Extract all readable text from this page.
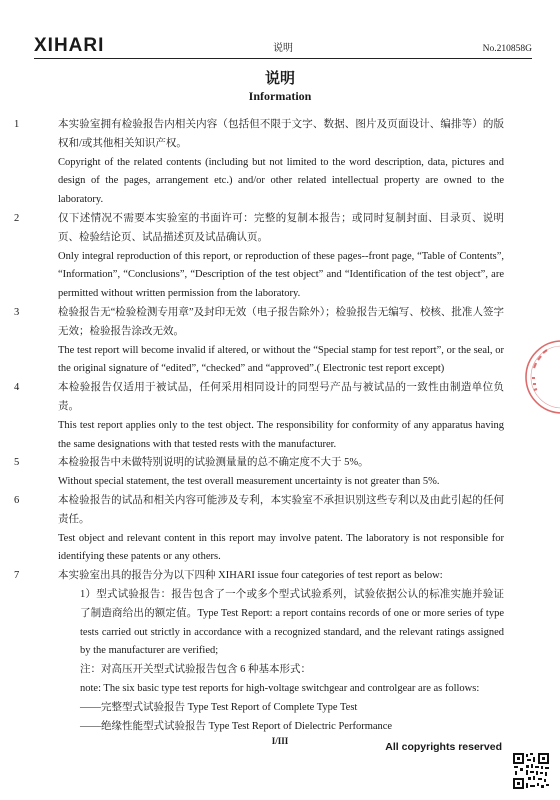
XIHARI	说明	No.210858G
说明
Information

1	本实验室拥有检验报告内相关内容（包括但不限于文字、数据、图片及页面设计、编排等）的版权和/或其他相关知识产权。

Copyright of the related contents (including but not limited to the word description, data, pictures and design of the pages, arrangement etc.) and/or other related intellectual property are owned to the laboratory.

2	仅下述情况不需要本实验室的书面许可：完整的复制本报告；或同时复制封面、目录页、说明页、检验结论页、试品描述页及试品确认页。

Only integral reproduction of this report, or reproduction of these pages--front page, “Table of Contents”, “Information”, “Conclusions”, “Description of the test object” and “Identification of the test object”, are permitted without written permission from the laboratory.

3	检验报告无“检验检测专用章”及封印无效（电子报告除外）；检验报告无编写、校核、批准人签字无效；检验报告涂改无效。

The test report will become invalid if altered, or without the “Special stamp for test report”, or the seal, or the original signature of “edited”, “checked” and “approved”.( Electronic test report except)

4	本检验报告仅适用于被试品，任何采用相同设计的同型号产品与被试品的一致性由制造单位负责。

This test report applies only to the test object. The responsibility for conformity of any apparatus having the same designations with that tested rests with the manufacturer.

5	本检验报告中未做特别说明的试验测量量的总不确定度不大于 5%。

Without special statement, the test overall measurement uncertainty is not greater than 5%.

6	本检验报告的试品和相关内容可能涉及专利，本实验室不承担识别这些专利以及由此引起的任何责任。

Test object and relevant content in this report may involve patent. The laboratory is not responsible for identifying these patents or any others.

7	本实验室出具的报告分为以下四种 XIHARI issue four categories of test report as below:

1）型式试验报告：报告包含了一个或多个型式试验系列，试验依据公认的标准实施并验证了制造商给出的额定值。Type Test Report: a report contains records of one or more series of type tests carried out strictly in accordance with a recognized standard, and the relevant ratings assigned by the manufacturer are verified;

注：对高压开关型式试验报告包含 6 种基本形式：

note: The six basic type test reports for high-voltage switchgear and controlgear are as follows:

——完整型式试验报告 Type Test Report of Complete Type Test

——绝缘性能型式试验报告 Type Test Report of Dielectric Performance

I/III	All copyrights reserved
